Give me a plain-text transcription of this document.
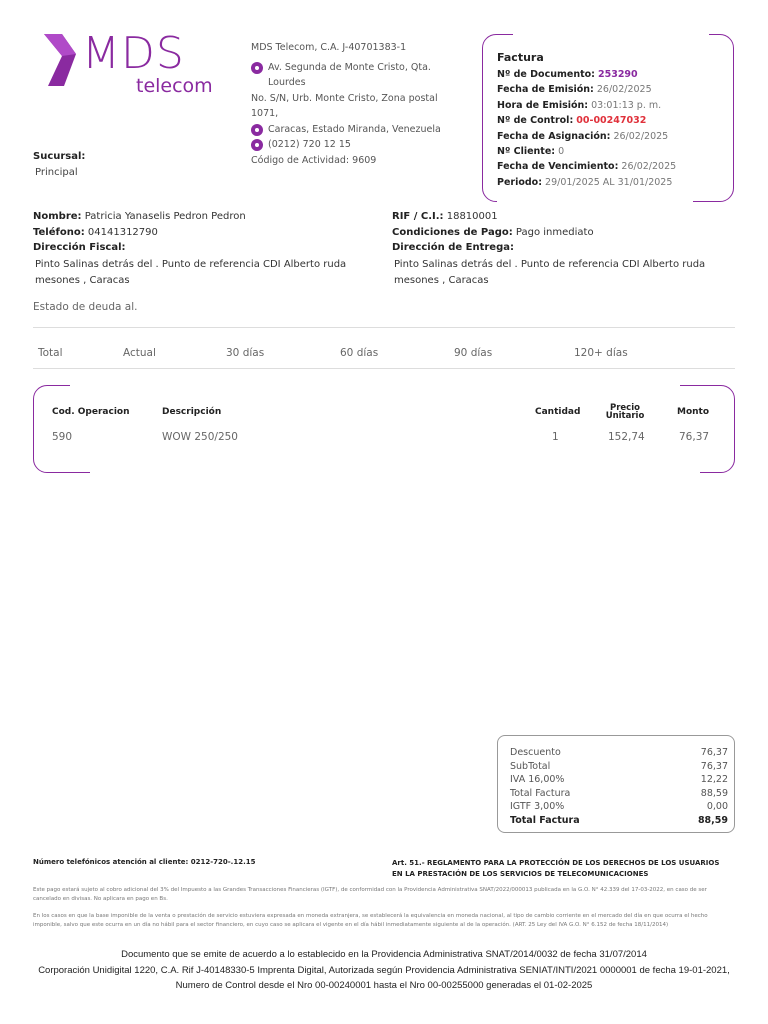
MDS
telecom
MDS Telecom, C.A. J-40701383-1
Av. Segunda de Monte Cristo, Qta. Lourdes
No. S/N, Urb. Monte Cristo, Zona postal 1071,
Caracas, Estado Miranda, Venezuela
(0212) 720 12 15
Código de Actividad: 9609
Factura
Nº de Documento: 253290
Fecha de Emisión: 26/02/2025
Hora de Emisión: 03:01:13 p. m.
Nº de Control: 00-00247032
Fecha de Asignación: 26/02/2025
Nº Cliente: 0
Fecha de Vencimiento: 26/02/2025
Periodo: 29/01/2025 AL 31/01/2025
Sucursal:
Principal
Nombre: Patricia Yanaselis Pedron Pedron
Teléfono: 04141312790
Dirección Fiscal:
Pinto Salinas detrás del . Punto de referencia CDI Alberto ruda
mesones , Caracas
RIF / C.I.: 18810001
Condiciones de Pago: Pago inmediato
Dirección de Entrega:
Pinto Salinas detrás del . Punto de referencia CDI Alberto ruda
mesones , Caracas
Estado de deuda al.
Total	Actual	30 días	60 días	90 días	120+ días
Cod. Operacion	Descripción	Cantidad	Precio
Unitario	Monto
590	WOW 250/250	1	152,74	76,37
Descuento	76,37
SubTotal	76,37
IVA 16,00%	12,22
Total Factura	88,59
IGTF 3,00%	0,00
Total Factura	88,59
Número telefónicos atención al cliente: 0212-720-.12.15	Art. 51.- REGLAMENTO PARA LA PROTECCIÓN DE LOS DERECHOS DE LOS USUARIOS EN LA PRESTACIÓN DE LOS SERVICIOS DE TELECOMUNICACIONES
Este pago estará sujeto al cobro adicional del 3% del Impuesto a las Grandes Transacciones Financieras (IGTF), de conformidad con la Providencia Administrativa SNAT/2022/000013 publicada en la G.O. N° 42.339 del 17-03-2022, en caso de ser cancelado en divisas. No aplicara en pago en Bs.
En los casos en que la base imponible de la venta o prestación de servicio estuviera expresada en moneda extranjera, se establecerá la equivalencia en moneda nacional, al tipo de cambio corriente en el mercado del día en que ocurra el hecho imponible, salvo que este ocurra en un día no hábil para el sector financiero, en cuyo caso se aplicara el vigente en el día hábil inmediatamente siguiente al de la operación. (ART. 25 Ley del IVA G.O. N° 6.152 de fecha 18/11/2014)
Documento que se emite de acuerdo a lo establecido en la Providencia Administrativa SNAT/2014/0032 de fecha 31/07/2014
Corporación Unidigital 1220, C.A. Rif J-40148330-5 Imprenta Digital, Autorizada según Providencia Administrativa SENIAT/INTI/2021 0000001 de fecha 19-01-2021,
Numero de Control desde el Nro 00-00240001 hasta el Nro 00-00255000 generadas el 01-02-2025
